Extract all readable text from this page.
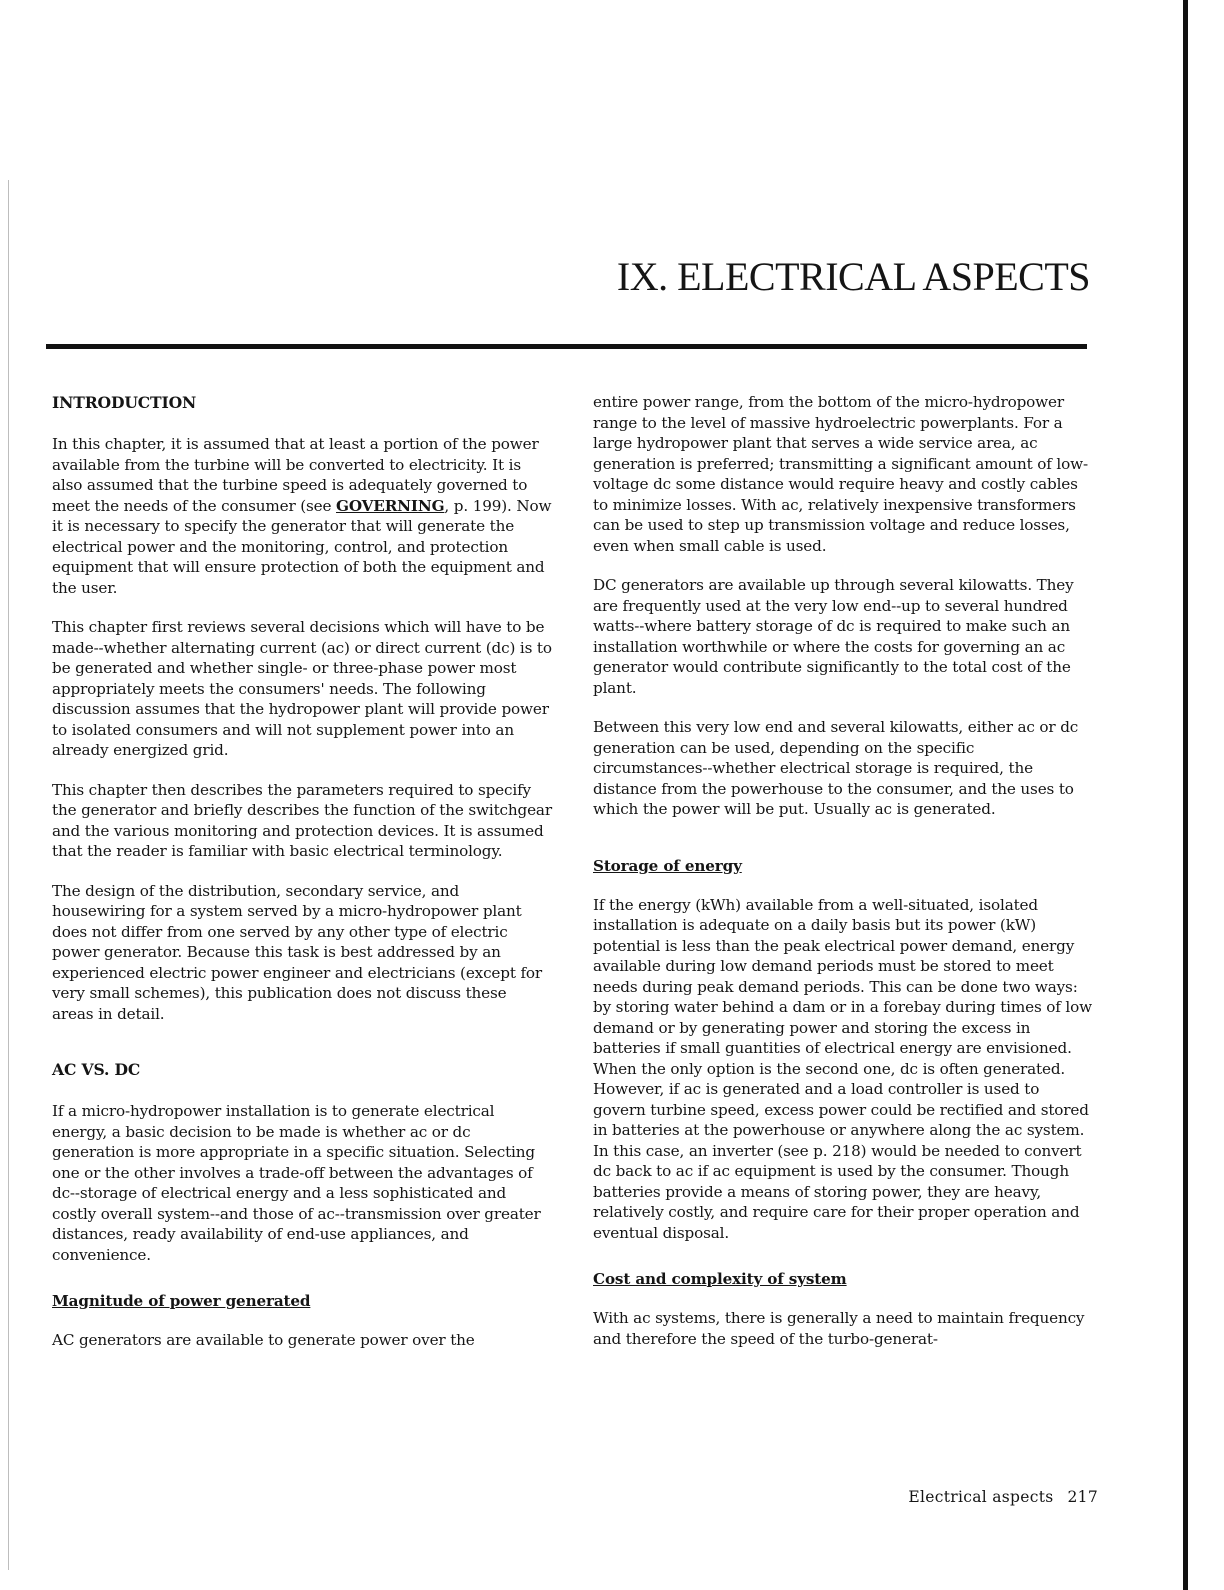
IX. ELECTRICAL ASPECTS
INTRODUCTION

In this chapter, it is assumed that at least a portion of the power available from the turbine will be converted to electricity. It is also assumed that the turbine speed is adequately governed to meet the needs of the consumer (see GOVERNING, p. 199). Now it is necessary to specify the generator that will generate the electrical power and the monitoring, control, and protection equipment that will ensure protection of both the equipment and the user.

This chapter first reviews several decisions which will have to be made--whether alternating current (ac) or direct current (dc) is to be generated and whether single- or three-phase power most appropriately meets the consumers' needs. The following discussion assumes that the hydropower plant will provide power to isolated consumers and will not supplement power into an already energized grid.

This chapter then describes the parameters required to specify the generator and briefly describes the function of the switchgear and the various monitoring and protection devices. It is assumed that the reader is familiar with basic electrical terminology.

The design of the distribution, secondary service, and housewiring for a system served by a micro-hydropower plant does not differ from one served by any other type of electric power generator. Because this task is best addressed by an experienced electric power engineer and electricians (except for very small schemes), this publication does not discuss these areas in detail.

AC VS. DC

If a micro-hydropower installation is to generate electrical energy, a basic decision to be made is whether ac or dc generation is more appropriate in a specific situation. Selecting one or the other involves a trade-off between the advantages of dc--storage of electrical energy and a less sophisticated and costly overall system--and those of ac--transmission over greater distances, ready availability of end-use appliances, and convenience.

Magnitude of power generated

AC generators are available to generate power over the

entire power range, from the bottom of the micro-hydropower range to the level of massive hydroelectric powerplants. For a large hydropower plant that serves a wide service area, ac generation is preferred; transmitting a significant amount of low-voltage dc some distance would require heavy and costly cables to minimize losses. With ac, relatively inexpensive transformers can be used to step up transmission voltage and reduce losses, even when small cable is used.

DC generators are available up through several kilowatts. They are frequently used at the very low end--up to several hundred watts--where battery storage of dc is required to make such an installation worthwhile or where the costs for governing an ac generator would contribute significantly to the total cost of the plant.

Between this very low end and several kilowatts, either ac or dc generation can be used, depending on the specific circumstances--whether electrical storage is required, the distance from the powerhouse to the consumer, and the uses to which the power will be put. Usually ac is generated.

Storage of energy

If the energy (kWh) available from a well-situated, isolated installation is adequate on a daily basis but its power (kW) potential is less than the peak electrical power demand, energy available during low demand periods must be stored to meet needs during peak demand periods. This can be done two ways: by storing water behind a dam or in a forebay during times of low demand or by generating power and storing the excess in batteries if small guantities of electrical energy are envisioned. When the only option is the second one, dc is often generated. However, if ac is generated and a load controller is used to govern turbine speed, excess power could be rectified and stored in batteries at the powerhouse or anywhere along the ac system. In this case, an inverter (see p. 218) would be needed to convert dc back to ac if ac equipment is used by the consumer. Though batteries provide a means of storing power, they are heavy, relatively costly, and require care for their proper operation and eventual disposal.

Cost and complexity of system

With ac systems, there is generally a need to maintain frequency and therefore the speed of the turbo-generat-

Electrical aspects 217
